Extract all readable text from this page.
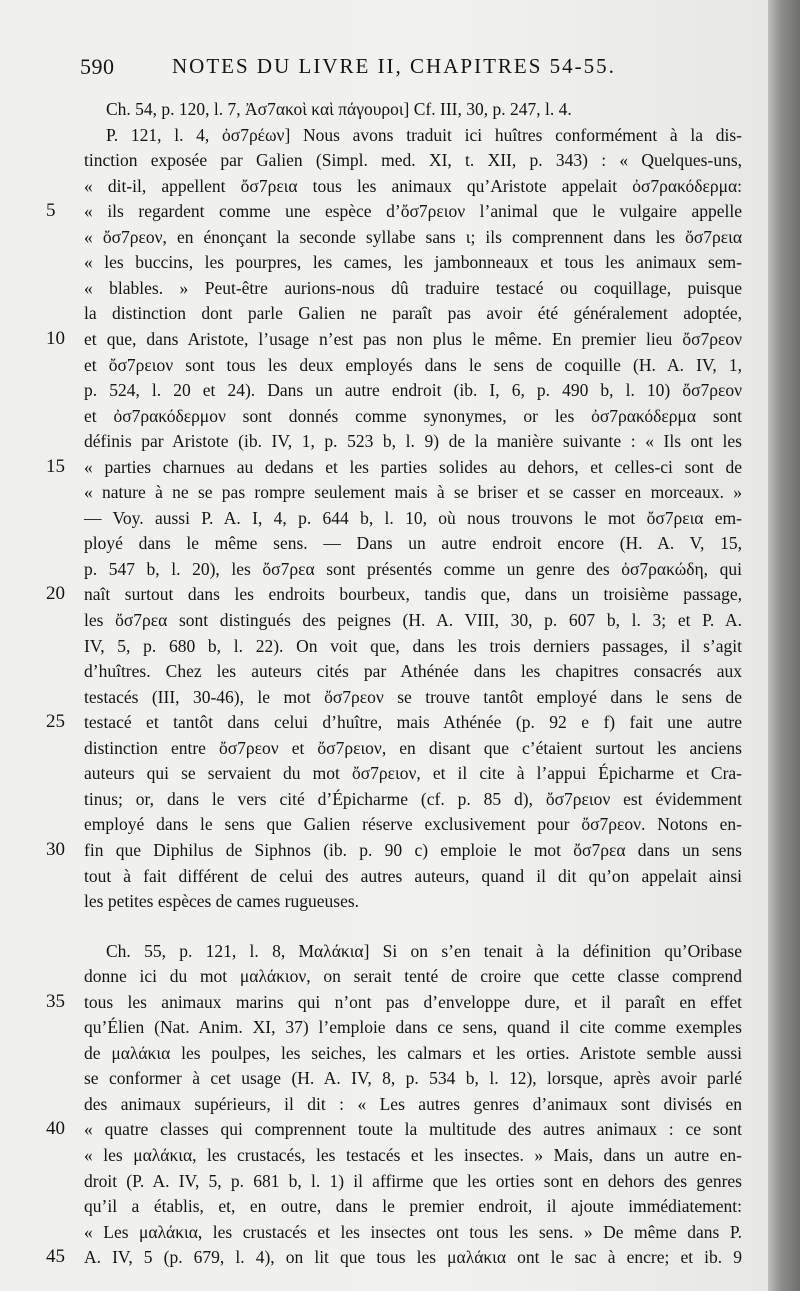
590	NOTES DU LIVRE II, CHAPITRES 54-55.
Ch. 54, p. 120, l. 7, Ἀσ7ακοὶ καὶ πάγουροι] Cf. III, 30, p. 247, l. 4.
P. 121, l. 4, ὀσ7ρέων] Nous avons traduit ici huîtres conformément à la dis-
tinction exposée par Galien (Simpl. med. XI, t. XII, p. 343) : « Quelques-uns,
« dit-il, appellent ὄσ7ρεια tous les animaux qu’Aristote appelait ὀσ7ρακόδερμα:
« ils regardent comme une espèce d’ὄσ7ρειον l’animal que le vulgaire appelle
5
« ὄσ7ρεον, en énonçant la seconde syllabe sans ι; ils comprennent dans les ὄσ7ρεια
« les buccins, les pourpres, les cames, les jambonneaux et tous les animaux sem-
« blables. » Peut-être aurions-nous dû traduire testacé ou coquillage, puisque
la distinction dont parle Galien ne paraît pas avoir été généralement adoptée,
et que, dans Aristote, l’usage n’est pas non plus le même. En premier lieu ὄσ7ρεον
10
et ὄσ7ρειον sont tous les deux employés dans le sens de coquille (H. A. IV, 1,
p. 524, l. 20 et 24). Dans un autre endroit (ib. I, 6, p. 490 b, l. 10) ὄσ7ρεον
et ὀσ7ρακόδερμον sont donnés comme synonymes, or les ὀσ7ρακόδερμα sont
définis par Aristote (ib. IV, 1, p. 523 b, l. 9) de la manière suivante : « Ils ont les
« parties charnues au dedans et les parties solides au dehors, et celles-ci sont de
15
« nature à ne se pas rompre seulement mais à se briser et se casser en morceaux. »
— Voy. aussi P. A. I, 4, p. 644 b, l. 10, où nous trouvons le mot ὄσ7ρεια em-
ployé dans le même sens. — Dans un autre endroit encore (H. A. V, 15,
p. 547 b, l. 20), les ὄσ7ρεα sont présentés comme un genre des ὀσ7ρακώδη, qui
naît surtout dans les endroits bourbeux, tandis que, dans un troisième passage,
20
les ὄσ7ρεα sont distingués des peignes (H. A. VIII, 30, p. 607 b, l. 3; et P. A.
IV, 5, p. 680 b, l. 22). On voit que, dans les trois derniers passages, il s’agit
d’huîtres. Chez les auteurs cités par Athénée dans les chapitres consacrés aux
testacés (III, 30-46), le mot ὄσ7ρεον se trouve tantôt employé dans le sens de
testacé et tantôt dans celui d’huître, mais Athénée (p. 92 e f) fait une autre
25
distinction entre ὄσ7ρεον et ὄσ7ρειον, en disant que c’étaient surtout les anciens
auteurs qui se servaient du mot ὄσ7ρειον, et il cite à l’appui Épicharme et Cra-
tinus; or, dans le vers cité d’Épicharme (cf. p. 85 d), ὄσ7ρειον est évidemment
employé dans le sens que Galien réserve exclusivement pour ὄσ7ρεον. Notons en-
fin que Diphilus de Siphnos (ib. p. 90 c) emploie le mot ὄσ7ρεα dans un sens
30
tout à fait différent de celui des autres auteurs, quand il dit qu’on appelait ainsi
les petites espèces de cames rugueuses.
Ch. 55, p. 121, l. 8, Μαλάκια] Si on s’en tenait à la définition qu’Oribase
donne ici du mot μαλάκιον, on serait tenté de croire que cette classe comprend
tous les animaux marins qui n’ont pas d’enveloppe dure, et il paraît en effet
35
qu’Élien (Nat. Anim. XI, 37) l’emploie dans ce sens, quand il cite comme exemples
de μαλάκια les poulpes, les seiches, les calmars et les orties. Aristote semble aussi
se conformer à cet usage (H. A. IV, 8, p. 534 b, l. 12), lorsque, après avoir parlé
des animaux supérieurs, il dit : « Les autres genres d’animaux sont divisés en
« quatre classes qui comprennent toute la multitude des autres animaux : ce sont
40
« les μαλάκια, les crustacés, les testacés et les insectes. » Mais, dans un autre en-
droit (P. A. IV, 5, p. 681 b, l. 1) il affirme que les orties sont en dehors des genres
qu’il a établis, et, en outre, dans le premier endroit, il ajoute immédiatement:
« Les μαλάκια, les crustacés et les insectes ont tous les sens. » De même dans P.
A. IV, 5 (p. 679, l. 4), on lit que tous les μαλάκια ont le sac à encre; et ib. 9
45
